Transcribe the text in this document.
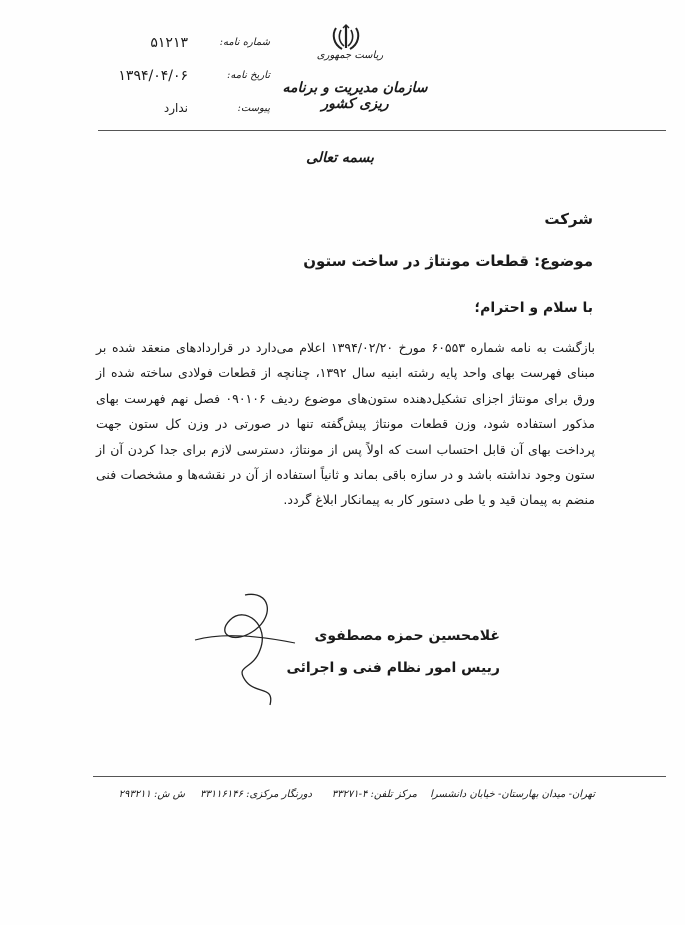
ریاست جمهوری
سازمان مدیریت و برنامه ریزی کشور
شماره نامه:
۵۱۲۱۳
تاریخ نامه:
۱۳۹۴/۰۴/۰۶
پیوست:
ندارد
بسمه تعالی
شرکت
موضوع: قطعات مونتاژ در ساخت ستون
با سلام و احترام؛

بازگشت به نامه شماره ۶۰۵۵۳ مورخ ۱۳۹۴/۰۲/۲۰ اعلام می‌دارد در قراردادهای منعقد شده بر مبنای فهرست بهای واحد پایه رشته ابنیه سال ۱۳۹۲، چنانچه از قطعات فولادی ساخته شده از ورق برای مونتاژ اجزای تشکیل‌دهنده ستون‌های موضوع ردیف ۰۹۰۱۰۶ فصل نهم فهرست بهای مذکور استفاده شود، وزن قطعات مونتاژ پیش‌گفته تنها در صورتی در وزن کل ستون جهت پرداخت بهای آن قابل احتساب است که اولاً پس از مونتاژ، دسترسی لازم برای جدا کردن آن از ستون وجود نداشته باشد و در سازه باقی بماند و ثانیاً استفاده از آن در نقشه‌ها و مشخصات فنی منضم به پیمان قید و یا طی دستور کار به پیمانکار ابلاغ گردد.

غلامحسین حمزه مصطفوی
رییس امور نظام فنی و اجرائی
تهران- میدان بهارستان- خیابان دانشسرا
مرکز تلفن: ۴-۳۳۲۷۱
دورنگار مرکزی: ۳۳۱۱۶۱۴۶
ش ش: ۲۹۳۲۱۱
